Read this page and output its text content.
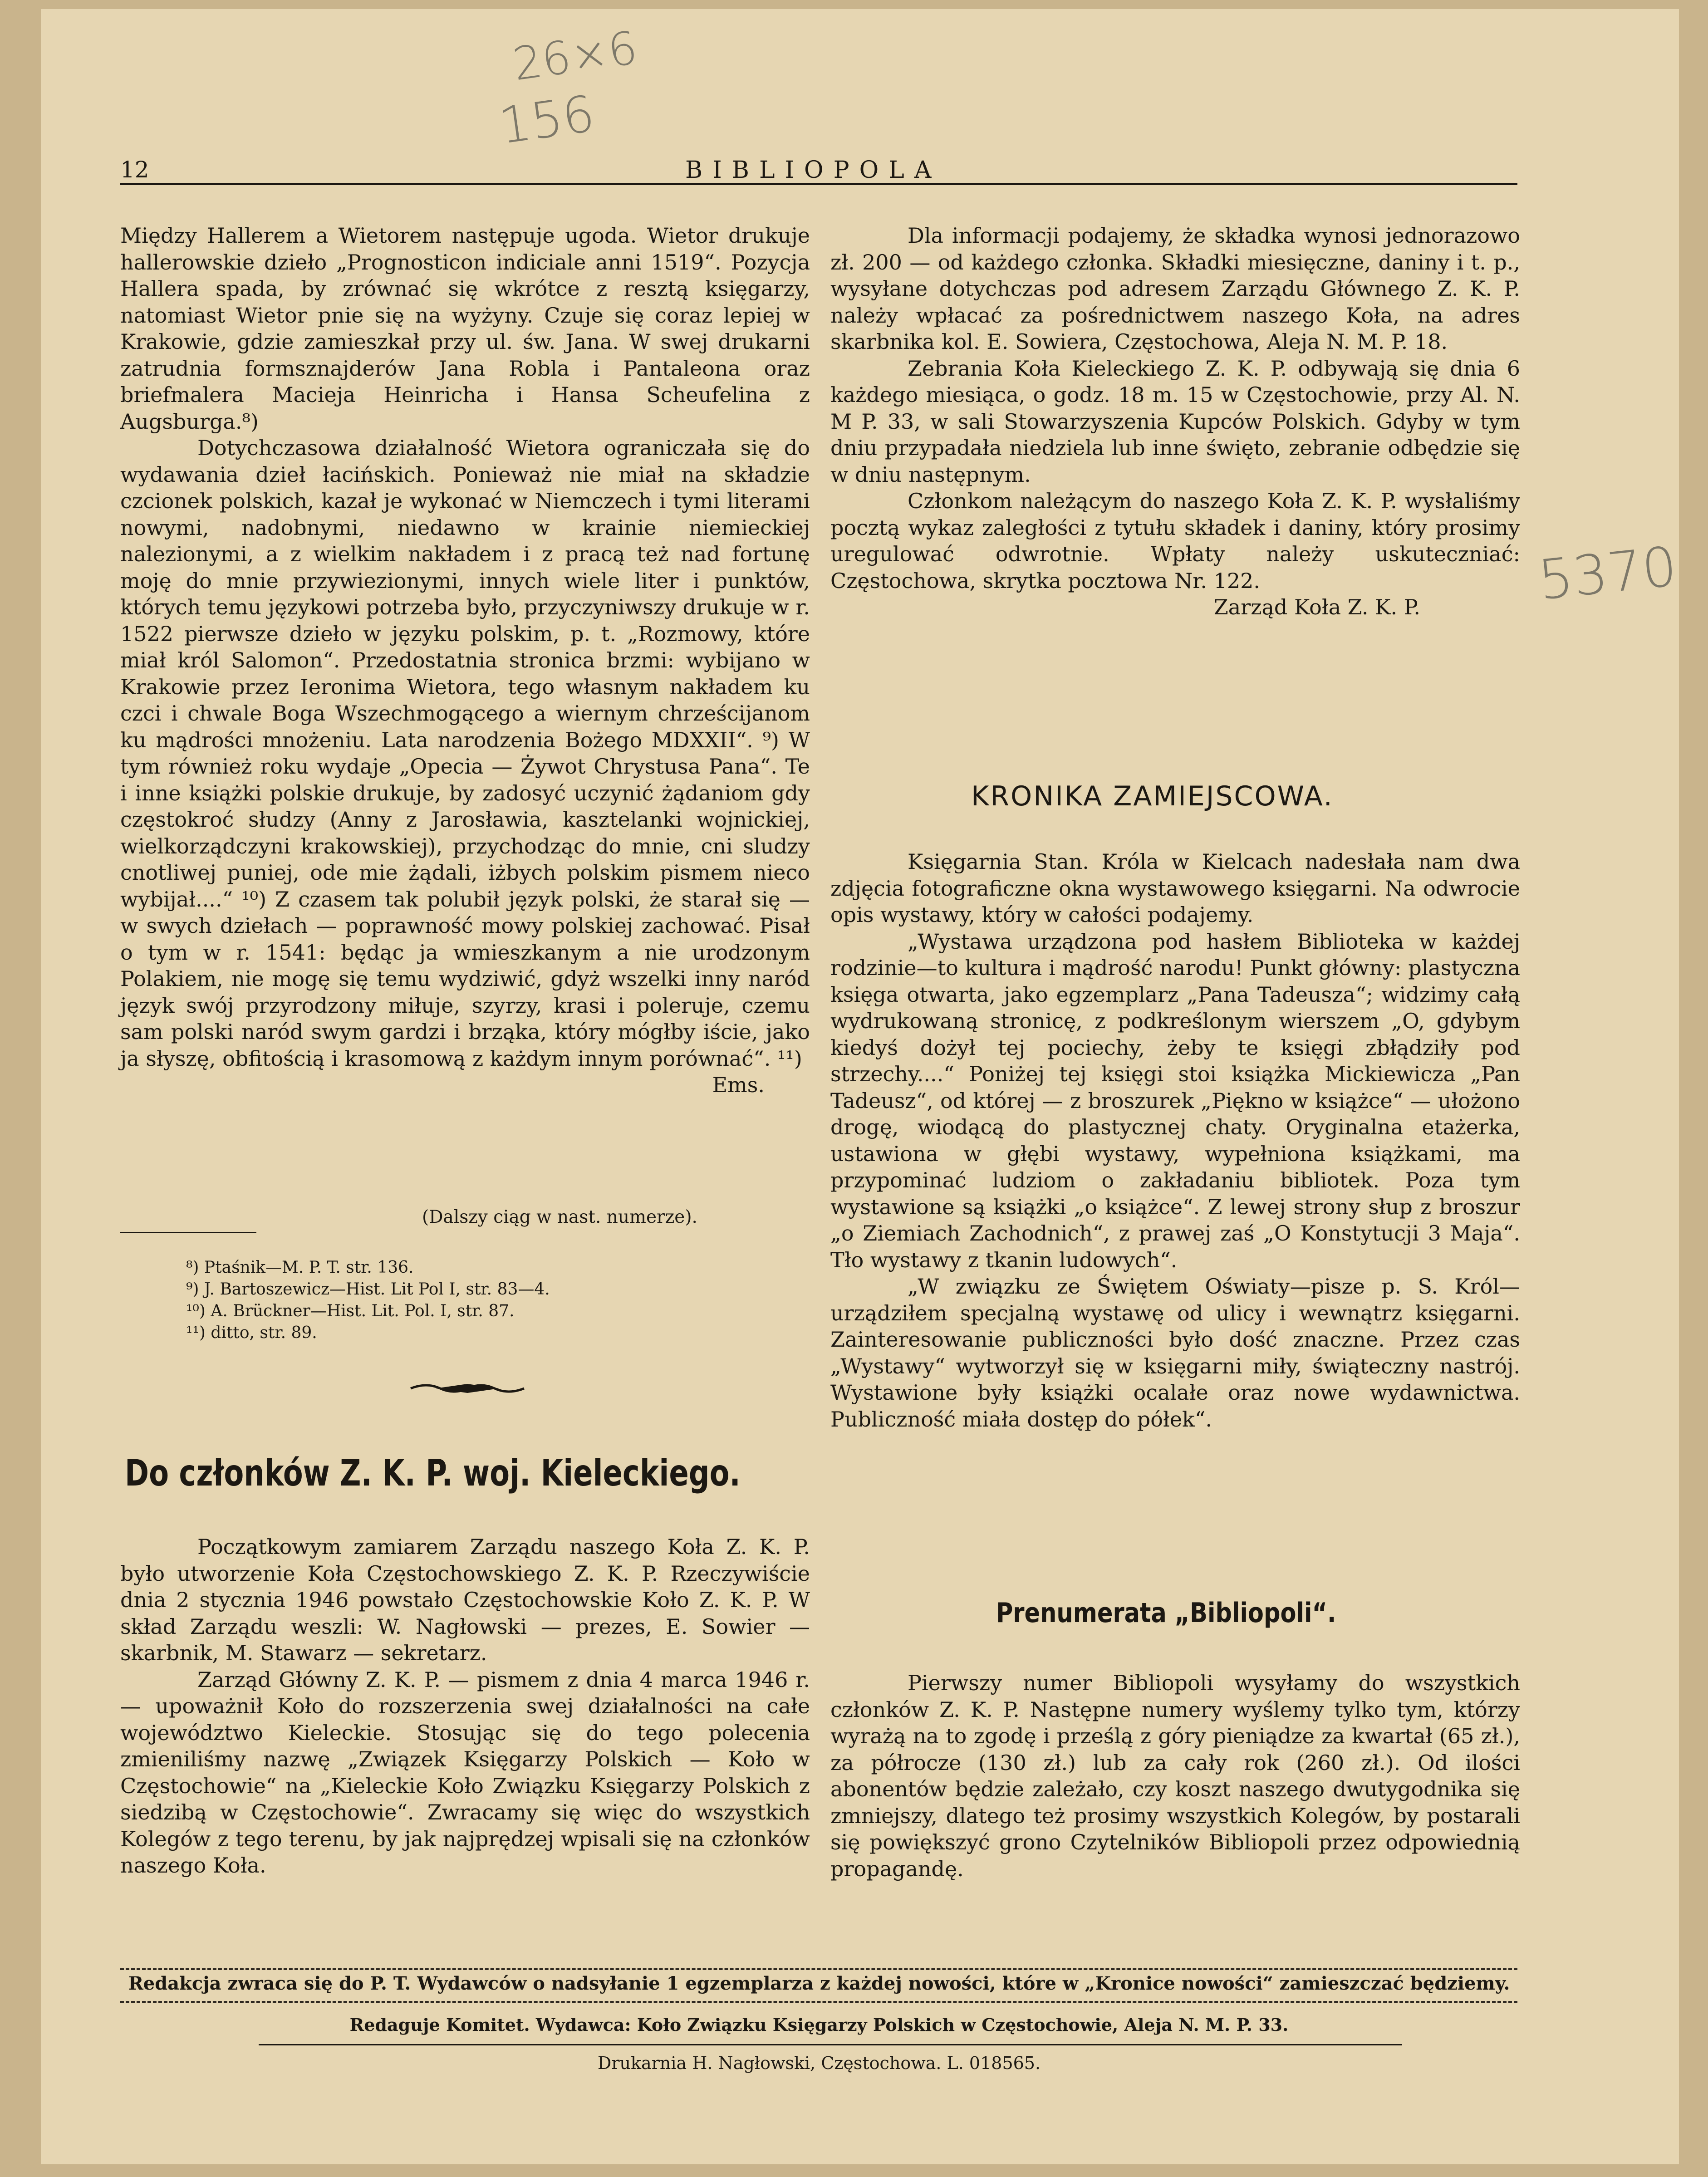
26×6
156
5370
12	BIBLIOPOLA

Między Hallerem a Wietorem następuje ugoda. Wietor drukuje hallerowskie dzieło „Prognosticon indiciale anni 1519“. Pozycja Hallera spada, by zrównać się wkrótce z resztą księgarzy, natomiast Wietor pnie się na wyżyny. Czuje się coraz lepiej w Krakowie, gdzie zamieszkał przy ul. św. Jana. W swej drukarni zatrudnia formsznajderów Jana Robla i Pantaleona oraz briefmalera Macieja Heinricha i Hansa Scheufelina z Augsburga.⁸)

Dotychczasowa działalność Wietora ograniczała się do wydawania dzieł łacińskich. Ponieważ nie miał na składzie czcionek polskich, kazał je wykonać w Niemczech i tymi literami nowymi, nadobnymi, niedawno w krainie niemieckiej nalezionymi, a z wielkim nakładem i z pracą też nad fortunę moję do mnie przywiezionymi, innych wiele liter i punktów, których temu językowi potrzeba było, przyczyniwszy drukuje w r. 1522 pierwsze dzieło w języku polskim, p. t. „Rozmowy, które miał król Salomon“. Przedostatnia stronica brzmi: wybijano w Krakowie przez Ieronima Wietora, tego własnym nakładem ku czci i chwale Boga Wszechmogącego a wiernym chrześcijanom ku mądrości mnożeniu. Lata narodzenia Bożego MDXXII“. ⁹) W tym również roku wydaje „Opecia — Żywot Chrystusa Pana“. Te i inne książki polskie drukuje, by zadosyć uczynić żądaniom gdy częstokroć słudzy (Anny z Jarosławia, kasztelanki wojnickiej, wielkorządczyni krakowskiej), przychodząc do mnie, cni sludzy cnotliwej puniej, ode mie żądali, iżbych polskim pismem nieco wybijał....“ ¹⁰) Z czasem tak polubił język polski, że starał się — w swych dziełach — poprawność mowy polskiej zachować. Pisał o tym w r. 1541: będąc ja wmieszkanym a nie urodzonym Polakiem, nie mogę się temu wydziwić, gdyż wszelki inny naród język swój przyrodzony miłuje, szyrzy, krasi i poleruje, czemu sam polski naród swym gardzi i brząka, który mógłby iście, jako ja słyszę, obfitością i krasomową z każdym innym porównać“. ¹¹)

Ems.

(Dalszy ciąg w nast. numerze).
⁸) Ptaśnik—M. P. T. str. 136.
⁹) J. Bartoszewicz—Hist. Lit Pol I, str. 83—4.
¹⁰) A. Brückner—Hist. Lit. Pol. I, str. 87.
¹¹) ditto, str. 89.
Do członków Z. K. P. woj. Kieleckiego.

Początkowym zamiarem Zarządu naszego Koła Z. K. P. było utworzenie Koła Częstochowskiego Z. K. P. Rzeczywiście dnia 2 stycznia 1946 powstało Częstochowskie Koło Z. K. P. W skład Zarządu weszli: W. Nagłowski — prezes, E. Sowier — skarbnik, M. Stawarz — sekretarz.

Zarząd Główny Z. K. P. — pismem z dnia 4 marca 1946 r. — upoważnił Koło do rozszerzenia swej działalności na całe województwo Kieleckie. Stosując się do tego polecenia zmieniliśmy nazwę „Związek Księgarzy Polskich — Koło w Częstochowie“ na „Kieleckie Koło Związku Księgarzy Polskich z siedzibą w Częstochowie“. Zwracamy się więc do wszystkich Kolegów z tego terenu, by jak najprędzej wpisali się na członków naszego Koła.

Dla informacji podajemy, że składka wynosi jednorazowo zł. 200 — od każdego członka. Składki miesięczne, daniny i t. p., wysyłane dotychczas pod adresem Zarządu Głównego Z. K. P. należy wpłacać za pośrednictwem naszego Koła, na adres skarbnika kol. E. Sowiera, Częstochowa, Aleja N. M. P. 18.

Zebrania Koła Kieleckiego Z. K. P. odbywają się dnia 6 każdego miesiąca, o godz. 18 m. 15 w Częstochowie, przy Al. N. M P. 33, w sali Stowarzyszenia Kupców Polskich. Gdyby w tym dniu przypadała niedziela lub inne święto, zebranie odbędzie się w dniu następnym.

Członkom należącym do naszego Koła Z. K. P. wysłaliśmy pocztą wykaz zaległości z tytułu składek i daniny, który prosimy uregulować odwrotnie. Wpłaty należy uskuteczniać: Częstochowa, skrytka pocztowa Nr. 122.

Zarząd Koła Z. K. P.

KRONIKA ZAMIEJSCOWA.

Księgarnia Stan. Króla w Kielcach nadesłała nam dwa zdjęcia fotograficzne okna wystawowego księgarni. Na odwrocie opis wystawy, który w całości podajemy.

„Wystawa urządzona pod hasłem Biblioteka w każdej rodzinie—to kultura i mądrość narodu! Punkt główny: plastyczna księga otwarta, jako egzemplarz „Pana Tadeusza“; widzimy całą wydrukowaną stronicę, z podkreślonym wierszem „O, gdybym kiedyś dożył tej pociechy, żeby te księgi zbłądziły pod strzechy....“ Poniżej tej księgi stoi książka Mickiewicza „Pan Tadeusz“, od której — z broszurek „Piękno w książce“ — ułożono drogę, wiodącą do plastycznej chaty. Oryginalna etażerka, ustawiona w głębi wystawy, wypełniona książkami, ma przypominać ludziom o zakładaniu bibliotek. Poza tym wystawione są książki „o książce“. Z lewej strony słup z broszur „o Ziemiach Zachodnich“, z prawej zaś „O Konstytucji 3 Maja“. Tło wystawy z tkanin ludowych“.

„W związku ze Świętem Oświaty—pisze p. S. Król—urządziłem specjalną wystawę od ulicy i wewnątrz księgarni. Zainteresowanie publiczności było dość znaczne. Przez czas „Wystawy“ wytworzył się w księgarni miły, świąteczny nastrój. Wystawione były książki ocalałe oraz nowe wydawnictwa. Publiczność miała dostęp do półek“.

Prenumerata „Bibliopoli“.

Pierwszy numer Bibliopoli wysyłamy do wszystkich członków Z. K. P. Następne numery wyślemy tylko tym, którzy wyrażą na to zgodę i prześlą z góry pieniądze za kwartał (65 zł.), za półrocze (130 zł.) lub za cały rok (260 zł.). Od ilości abonentów będzie zależało, czy koszt naszego dwutygodnika się zmniejszy, dlatego też prosimy wszystkich Kolegów, by postarali się powiększyć grono Czytelników Bibliopoli przez odpowiednią propagandę.

Redakcja zwraca się do P. T. Wydawców o nadsyłanie 1 egzemplarza z każdej nowości, które w „Kronice nowości“ zamieszczać będziemy.
Redaguje Komitet. Wydawca: Koło Związku Księgarzy Polskich w Częstochowie, Aleja N. M. P. 33.
Drukarnia H. Nagłowski, Częstochowa. L. 018565.
